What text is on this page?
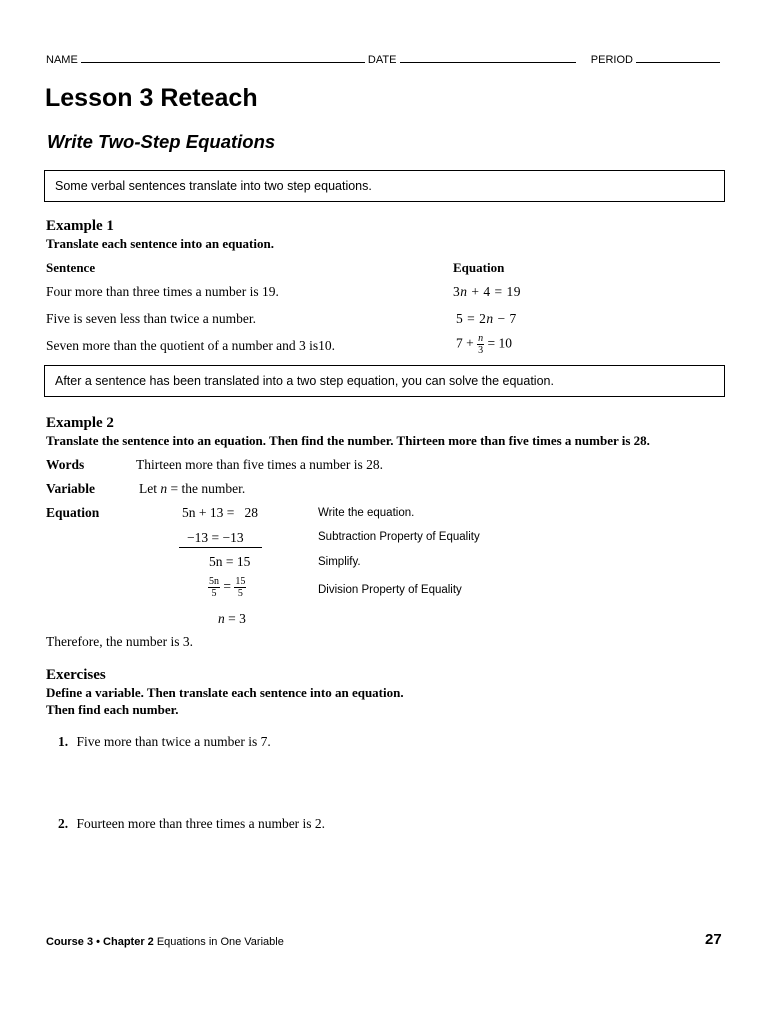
NAME	DATE	PERIOD
Lesson 3 Reteach
Write Two-Step Equations
Some verbal sentences translate into two step equations.
Example 1
Translate each sentence into an equation.
Sentence	Equation
Four more than three times a number is 19.	3n + 4 = 19
Five is seven less than twice a number.	5 = 2n − 7
Seven more than the quotient of a number and 3 is10.	$7 + \frac{n}{3} = 10$
After a sentence has been translated into a two step equation, you can solve the equation.
Example 2
Translate the sentence into an equation. Then find the number. Thirteen more than five times a number is 28.
Words	Thirteen more than five times a number is 28.
Variable	Let n = the number.
Equation	5n + 13 =   28	Write the equation.
−13 = −13	Subtraction Property of Equality
5n = 15	Simplify.
$\frac{5n}{5} = \frac{15}{5}$	Division Property of Equality
n = 3
Therefore, the number is 3.
Exercises
Define a variable. Then translate each sentence into an equation.
Then find each number.
1. Five more than twice a number is 7.
2. Fourteen more than three times a number is 2.
Course 3 • Chapter 2 Equations in One Variable	27
